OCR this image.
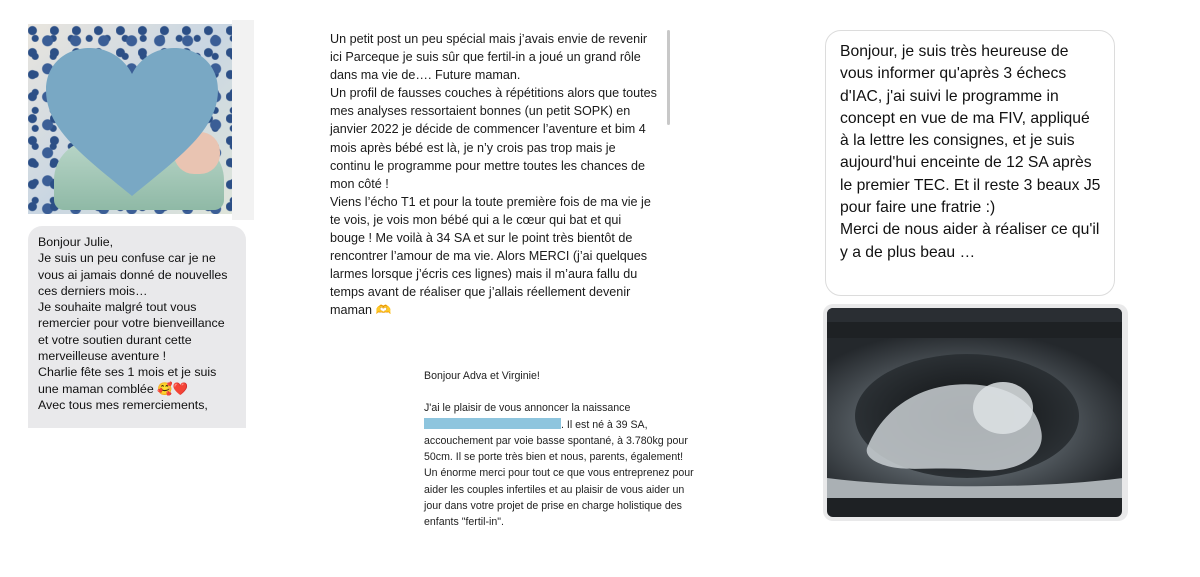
Bonjour Julie,

Je suis un peu confuse car je ne vous ai jamais donné de nouvelles ces derniers mois…

Je souhaite malgré tout vous remercier pour votre bienveillance et votre soutien durant cette merveilleuse aventure !

Charlie fête ses 1 mois et je suis une maman comblée 🥰❤️

Avec tous mes remerciements,

Un petit post un peu spécial mais j’avais envie de revenir ici Parceque je suis sûr que fertil-in a joué un grand rôle dans ma vie de…. Future maman.

Un profil de fausses couches à répétitions alors que toutes mes analyses ressortaient bonnes (un petit SOPK) en janvier 2022 je décide de commencer l’aventure et bim 4 mois après bébé est là, je n’y crois pas trop mais je continu le programme pour mettre toutes les chances de mon côté !

Viens l’écho T1 et pour la toute première fois de ma vie je te vois, je vois mon bébé qui a le cœur qui bat et qui bouge ! Me voilà à 34 SA et sur le point très bientôt de rencontrer l’amour de ma vie. Alors MERCI (j’ai quelques larmes lorsque j’écris ces lignes) mais il m’aura fallu du temps avant de réaliser que j’allais réellement devenir maman 🫶

Bonjour Adva et Virginie!

J'ai le plaisir de vous annoncer la naissance

. Il est né à 39 SA,

accouchement par voie basse spontané, à 3.780kg pour 50cm. Il se porte très bien et nous, parents, également!

Un énorme merci pour tout ce que vous entreprenez pour aider les couples infertiles et au plaisir de vous aider un jour dans votre projet de prise en charge holistique des enfants "fertil-in".

Bonjour, je suis très heureuse de vous informer qu'après 3 échecs d'IAC, j'ai suivi le programme in concept en vue de ma FIV, appliqué à la lettre les consignes, et je suis aujourd'hui enceinte de 12 SA après le premier TEC. Et il reste 3 beaux J5 pour faire une fratrie :)

Merci de nous aider à réaliser ce qu'il y a de plus beau …
